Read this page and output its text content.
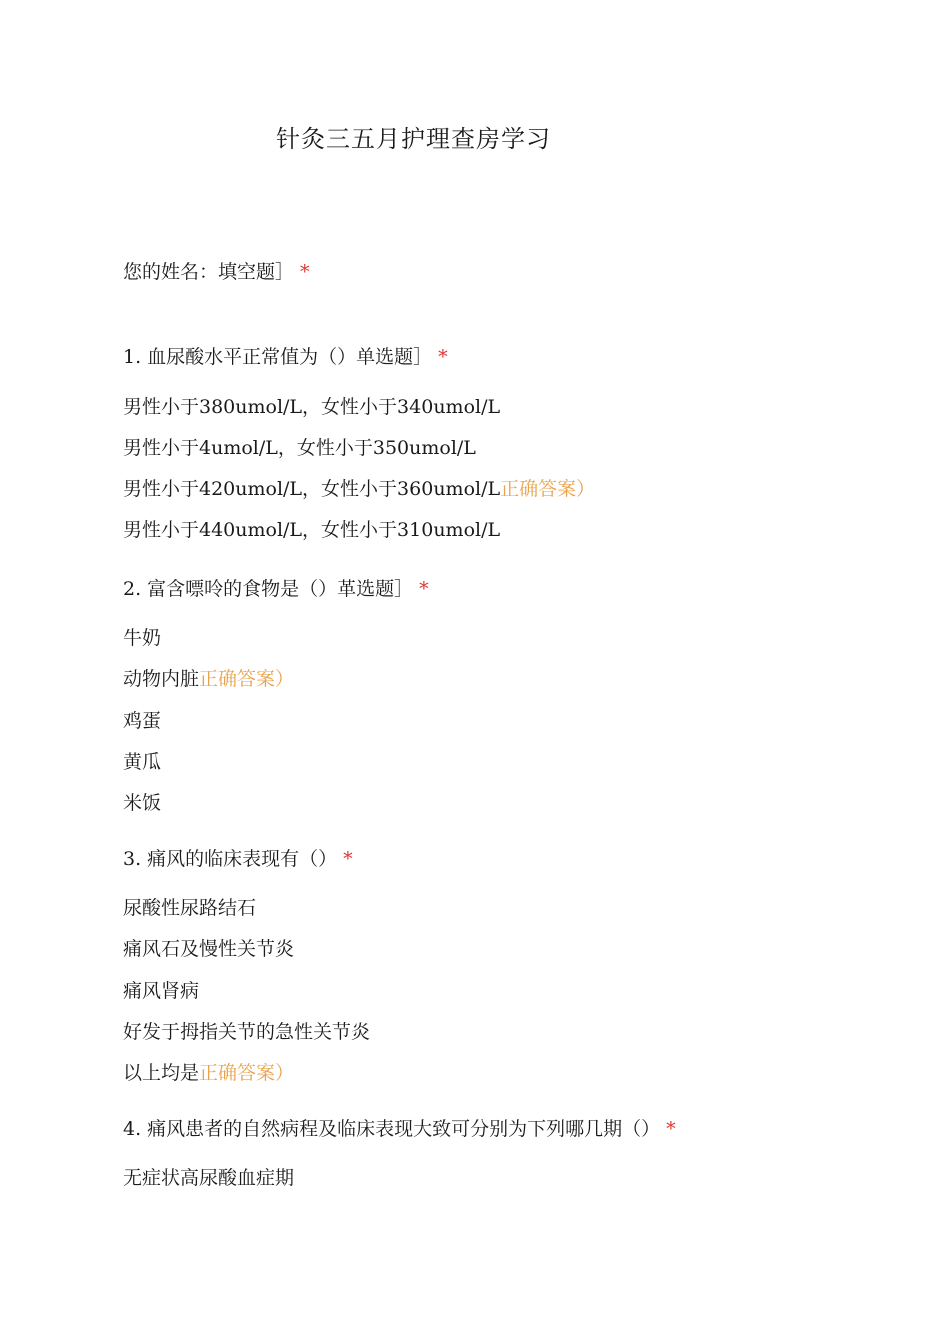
针灸三五月护理查房学习
您的姓名：填空题］ *
1. 血尿酸水平正常值为（）单选题］ *
男性小于380umol/L，女性小于340umol/L
男性小于4umol/L，女性小于350umol/L
男性小于420umol/L，女性小于360umol/L正确答案）
男性小于440umol/L，女性小于310umol/L
2. 富含嘌呤的食物是（）革选题］ *
牛奶
动物内脏正确答案）
鸡蛋
黄瓜
米饭
3. 痛风的临床表现有（） *
尿酸性尿路结石
痛风石及慢性关节炎
痛风肾病
好发于拇指关节的急性关节炎
以上均是正确答案）
4. 痛风患者的自然病程及临床表现大致可分别为下列哪几期（） *
无症状高尿酸血症期
